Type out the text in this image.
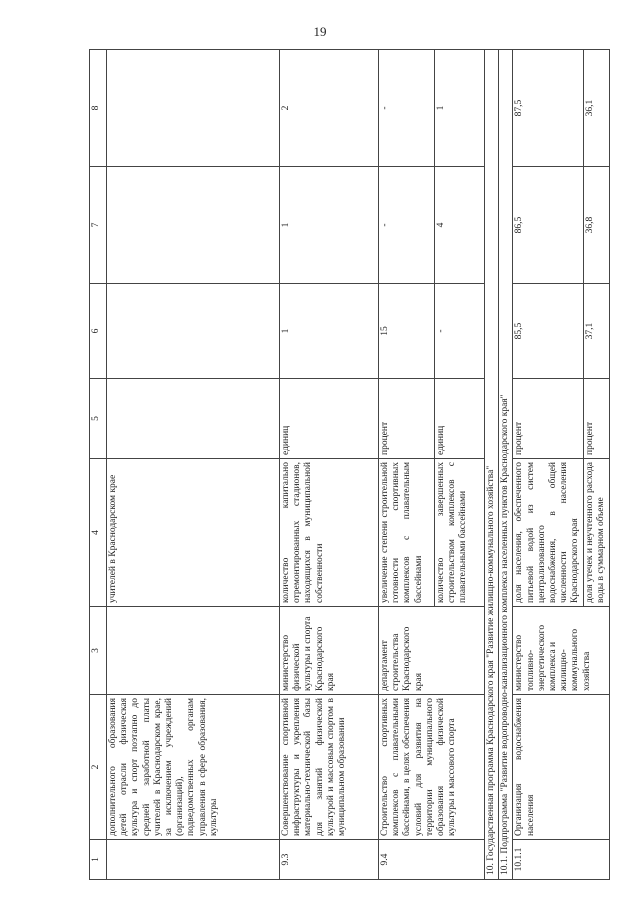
19
1	2	3	4	5	6	7	8
	дополнительного образования детей отрасли физическая культура и спорт поэтапно до средней заработной платы учителей в Краснодарском крае, за исключением учреждений (организаций), подведомственных органам управления в сфере образования, культуры		учителей в Краснодарском крае				
9.3	Совершенствование спортивной инфраструктуры и укрепления материально-технической базы для занятий физической культурой и массовым спортом в муниципальном образовании	министерство физической культуры и спорта Краснодарского края	количество капитально отремонтированных стадионов, находящихся в муниципальной собственности	единиц	1	1	2
9.4	Строительство спортивных комплексов с плавательными бассейнами, в целях обеспечения условий для развития на территории муниципального образования физической культуры и массового спорта	департамент строительства Краснодарского края	увеличение степени строительной готовности спортивных комплексов с плавательным бассейнами	процент	15	-	-
			количество завершенных строительством комплексов с плавательными бассейнами	единиц	-	4	1
10. Государственная программа Краснодарского края "Развитие жилищно-коммунального хозяйства"							
10.1. Подпрограмма "Развитие водопроводно-канализационного комплекса населенных пунктов Краснодарского края"							
10.1.1	Организация водоснабжения населения	министерство топливно-энергетического комплекса и жилищно-коммунального хозяйства	доля населения, обеспеченного питьевой водой из систем централизованного водоснабжения, в общей численности населения Краснодарского края	процент	85,5	86,5	87,5
			доля утечек и неучтенного расхода воды в суммарном объеме	процент	37,1	36,8	36,1
